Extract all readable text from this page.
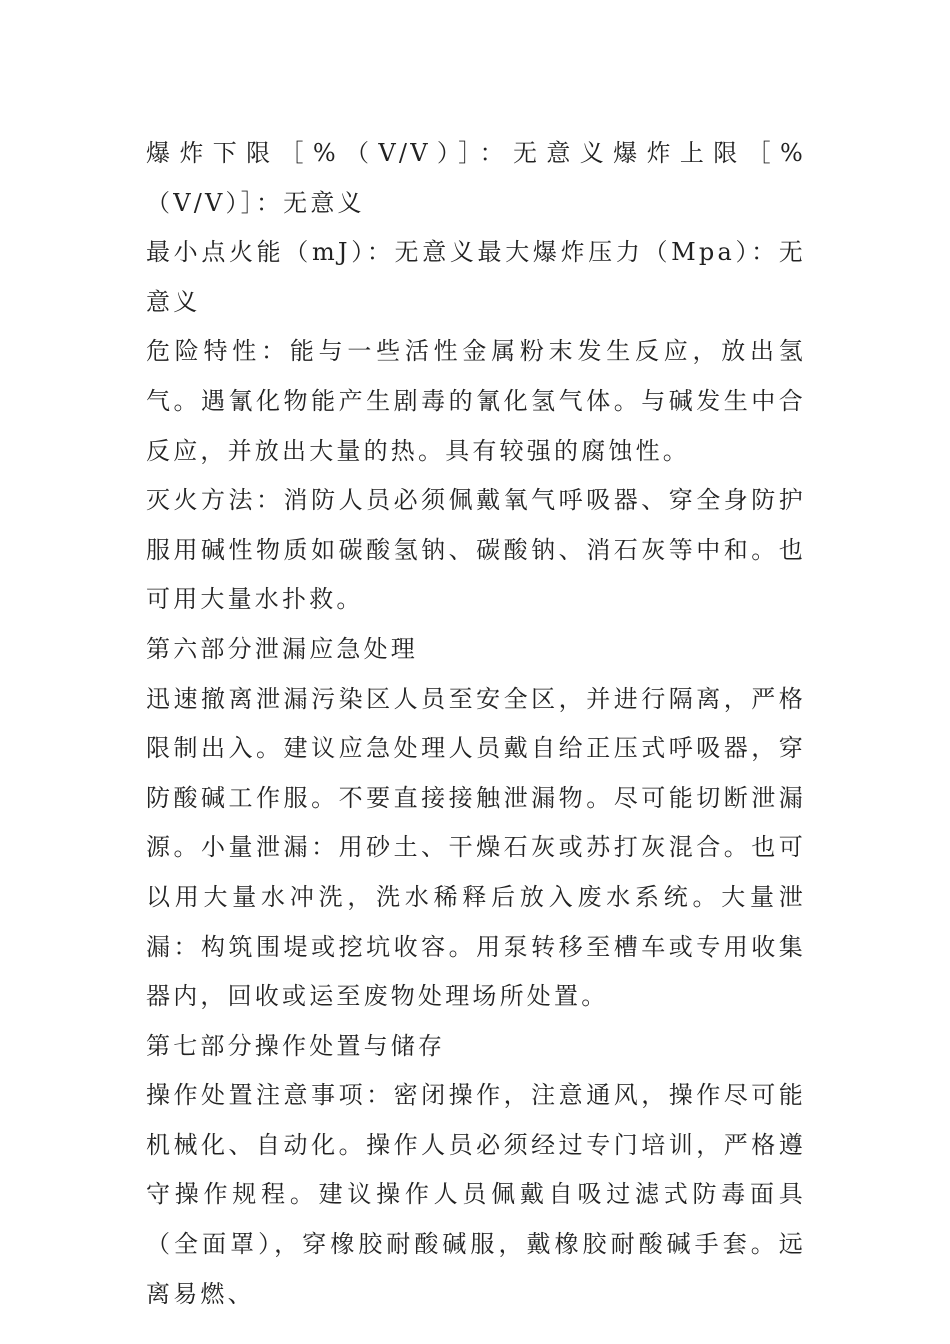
爆炸下限［%（V/V）］：无意义爆炸上限［%（V/V）］：无意义

最小点火能（mJ）：无意义最大爆炸压力（Mpa）：无意义

危险特性：能与一些活性金属粉末发生反应，放出氢气。遇氰化物能产生剧毒的氰化氢气体。与碱发生中合反应，并放出大量的热。具有较强的腐蚀性。

灭火方法：消防人员必须佩戴氧气呼吸器、穿全身防护服用碱性物质如碳酸氢钠、碳酸钠、消石灰等中和。也可用大量水扑救。

第六部分泄漏应急处理

迅速撤离泄漏污染区人员至安全区，并进行隔离，严格限制出入。建议应急处理人员戴自给正压式呼吸器，穿防酸碱工作服。不要直接接触泄漏物。尽可能切断泄漏源。小量泄漏：用砂土、干燥石灰或苏打灰混合。也可以用大量水冲洗，洗水稀释后放入废水系统。大量泄漏：构筑围堤或挖坑收容。用泵转移至槽车或专用收集器内，回收或运至废物处理场所处置。

第七部分操作处置与储存

操作处置注意事项：密闭操作，注意通风，操作尽可能机械化、自动化。操作人员必须经过专门培训，严格遵守操作规程。建议操作人员佩戴自吸过滤式防毒面具（全面罩），穿橡胶耐酸碱服，戴橡胶耐酸碱手套。远离易燃、
